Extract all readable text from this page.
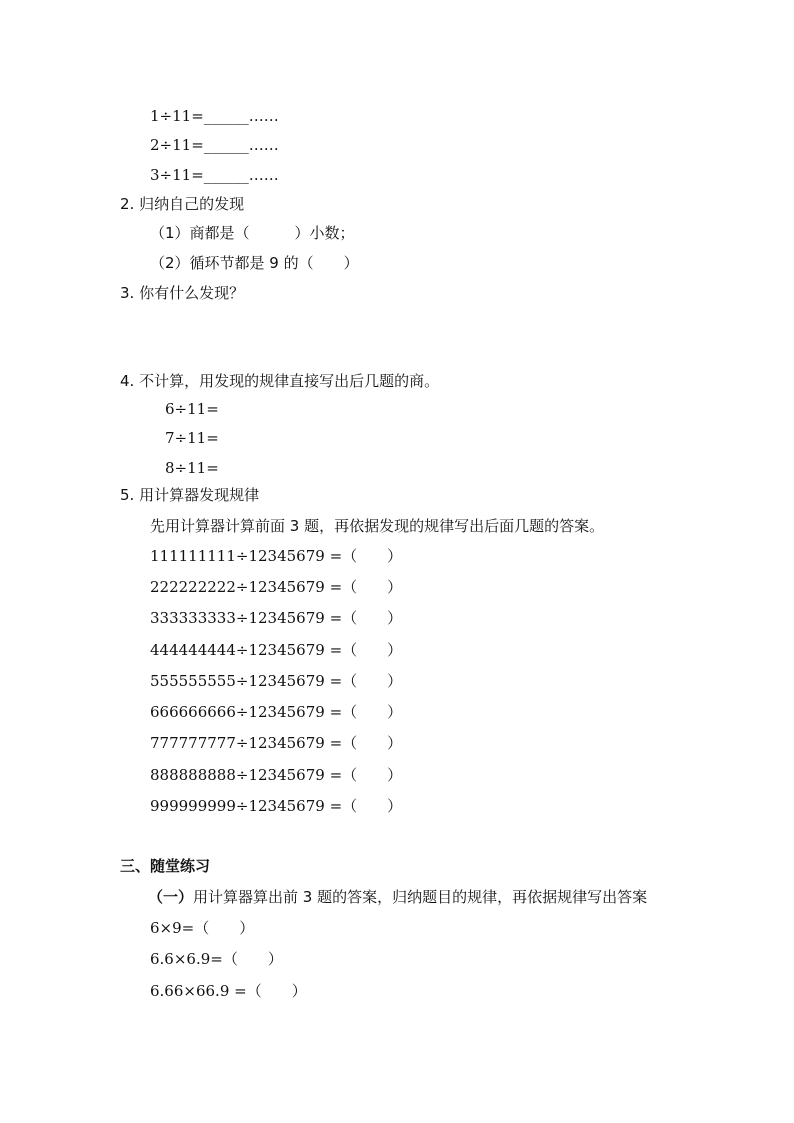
1÷11=______……
2÷11=______……
3÷11=______……
2. 归纳自己的发现
（1）商都是（　　　）小数；
（2）循环节都是 9 的（　　）
3. 你有什么发现？
4. 不计算，用发现的规律直接写出后几题的商。
6÷11=
7÷11=
8÷11=
5. 用计算器发现规律
先用计算器计算前面 3 题，再依据发现的规律写出后面几题的答案。
111111111÷12345679 =（　　）
222222222÷12345679 =（　　）
333333333÷12345679 =（　　）
444444444÷12345679 =（　　）
555555555÷12345679 =（　　）
666666666÷12345679 =（　　）
777777777÷12345679 =（　　）
888888888÷12345679 =（　　）
999999999÷12345679 =（　　）
三、随堂练习
（一）用计算器算出前 3 题的答案，归纳题目的规律，再依据规律写出答案
6×9=（　　）
6.6×6.9=（　　）
6.66×66.9 =（　　）
